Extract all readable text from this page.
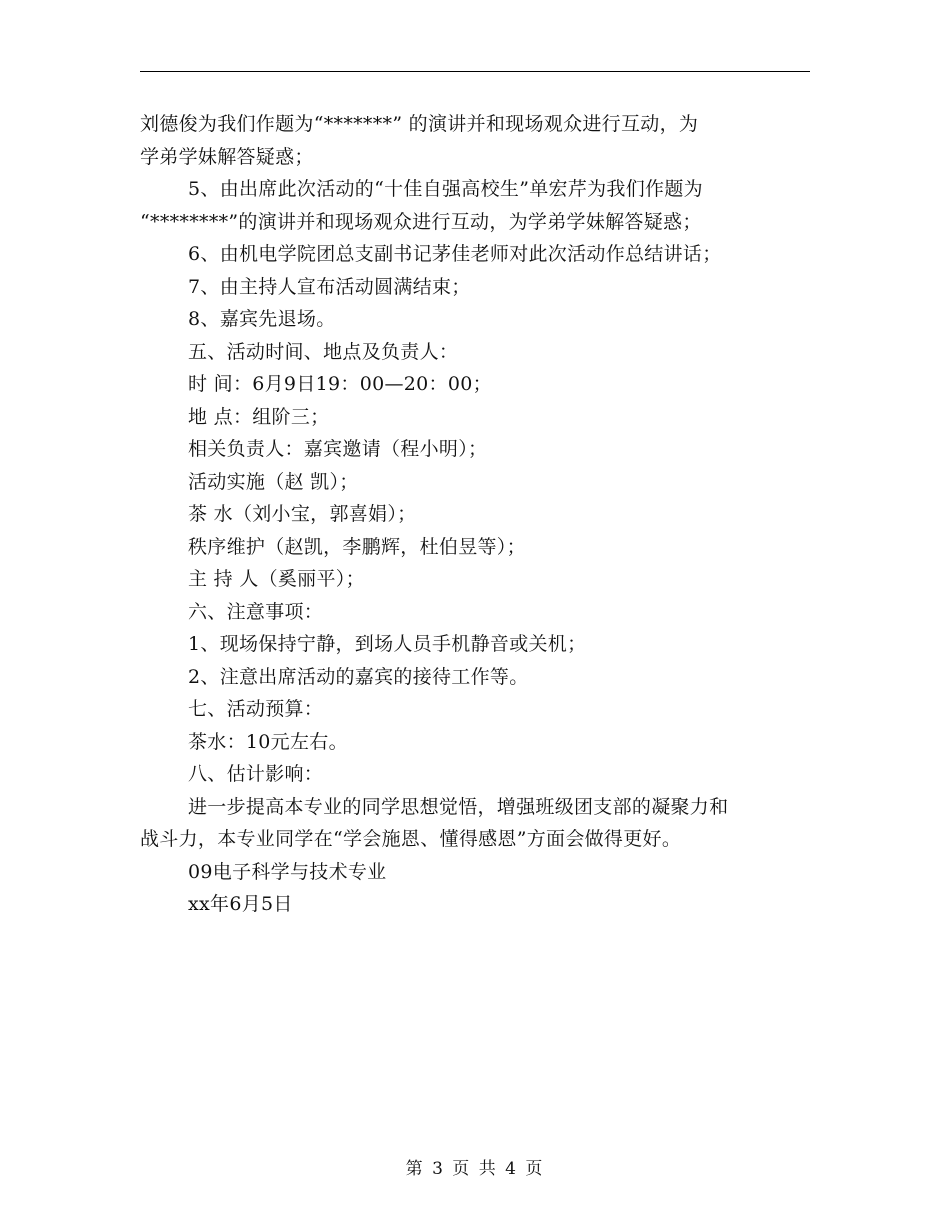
刘德俊为我们作题为“*******” 的演讲并和现场观众进行互动，为
学弟学妹解答疑惑；
5、由出席此次活动的“十佳自强高校生”单宏芹为我们作题为
“********”的演讲并和现场观众进行互动，为学弟学妹解答疑惑；
6、由机电学院团总支副书记茅佳老师对此次活动作总结讲话；
7、由主持人宣布活动圆满结束；
8、嘉宾先退场。
五、活动时间、地点及负责人：
时 间：6月9日19：00—20：00；
地 点：组阶三；
相关负责人：嘉宾邀请（程小明）；
活动实施（赵 凯）；
茶 水（刘小宝，郭喜娟）；
秩序维护（赵凯，李鹏辉，杜伯昱等）；
主 持 人（奚丽平）；
六、注意事项：
1、现场保持宁静，到场人员手机静音或关机；
2、注意出席活动的嘉宾的接待工作等。
七、活动预算：
茶水：10元左右。
八、估计影响：
进一步提高本专业的同学思想觉悟，增强班级团支部的凝聚力和
战斗力，本专业同学在“学会施恩、懂得感恩”方面会做得更好。
09电子科学与技术专业
xx年6月5日
第 3 页 共 4 页
